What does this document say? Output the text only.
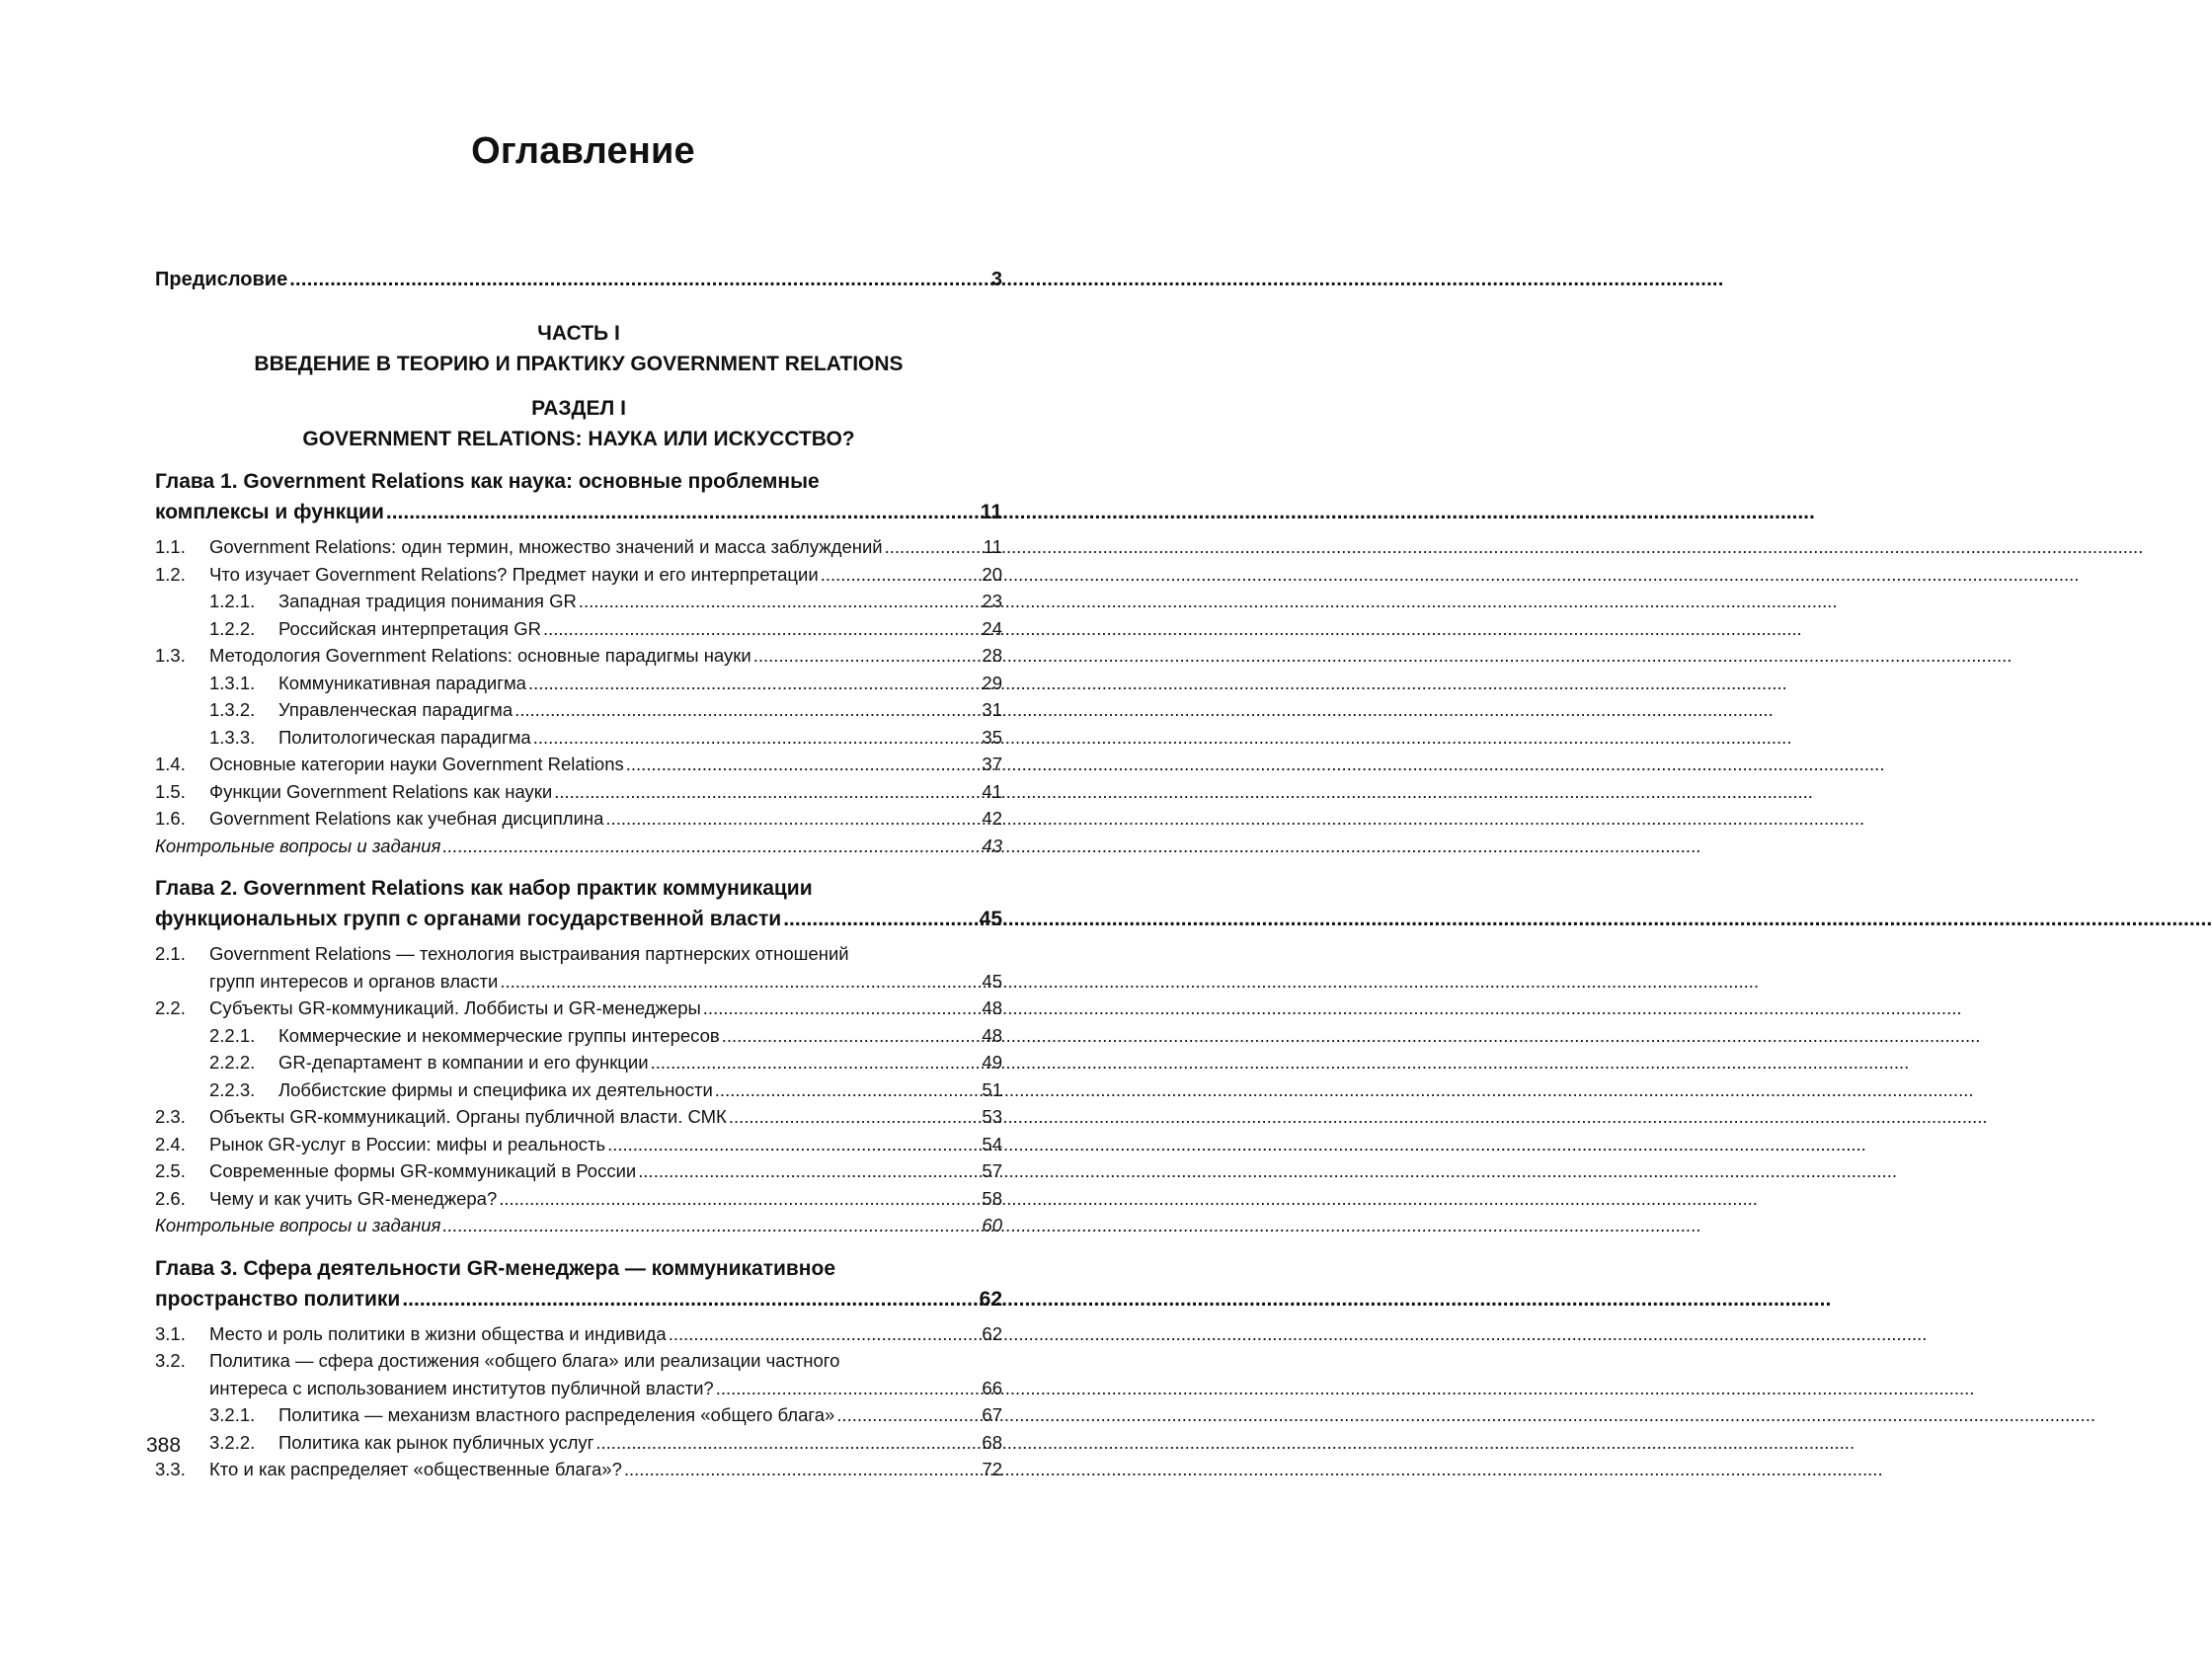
Оглавление
Предисловие .....	3
ЧАСТЬ I
ВВЕДЕНИЕ В ТЕОРИЮ И ПРАКТИКУ GOVERNMENT RELATIONS
РАЗДЕЛ I
GOVERNMENT RELATIONS: НАУКА ИЛИ ИСКУССТВО?
Глава 1. Government Relations как наука: основные проблемные
комплексы и функции .....	11
1.1.	Government Relations: один термин, множество значений и масса заблуждений .....	11
1.2.	Что изучает Government Relations? Предмет науки и его интерпретации .....	20
1.2.1.	Западная традиция понимания GR .....	23
1.2.2.	Российская интерпретация GR .....	24
1.3.	Методология Government Relations: основные парадигмы науки .....	28
1.3.1.	Коммуникативная парадигма .....	29
1.3.2.	Управленческая парадигма .....	31
1.3.3.	Политологическая парадигма .....	35
1.4.	Основные категории науки Government Relations .....	37
1.5.	Функции Government Relations как науки .....	41
1.6.	Government Relations как учебная дисциплина .....	42
Контрольные вопросы и задания .....	43
Глава 2. Government Relations как набор практик коммуникации
функциональных групп с органами государственной власти .....	45
2.1.	Government Relations — технология выстраивания партнерских отношений
групп интересов и органов власти .....	45
2.2.	Субъекты GR-коммуникаций. Лоббисты и GR-менеджеры .....	48
2.2.1.	Коммерческие и некоммерческие группы интересов .....	48
2.2.2.	GR-департамент в компании и его функции .....	49
2.2.3.	Лоббистские фирмы и специфика их деятельности .....	51
2.3.	Объекты GR-коммуникаций. Органы публичной власти. СМК .....	53
2.4.	Рынок GR-услуг в России: мифы и реальность .....	54
2.5.	Современные формы GR-коммуникаций в России .....	57
2.6.	Чему и как учить GR-менеджера? .....	58
Контрольные вопросы и задания .....	60
Глава 3. Сфера деятельности GR-менеджера — коммуникативное
пространство политики .....	62
3.1.	Место и роль политики в жизни общества и индивида .....	62
3.2.	Политика — сфера достижения «общего блага» или реализации частного
интереса с использованием институтов публичной власти? .....	66
3.2.1.	Политика — механизм властного распределения «общего блага» .....	67
3.2.2.	Политика как рынок публичных услуг .....	68
3.3.	Кто и как распределяет «общественные блага»? .....	72
388
